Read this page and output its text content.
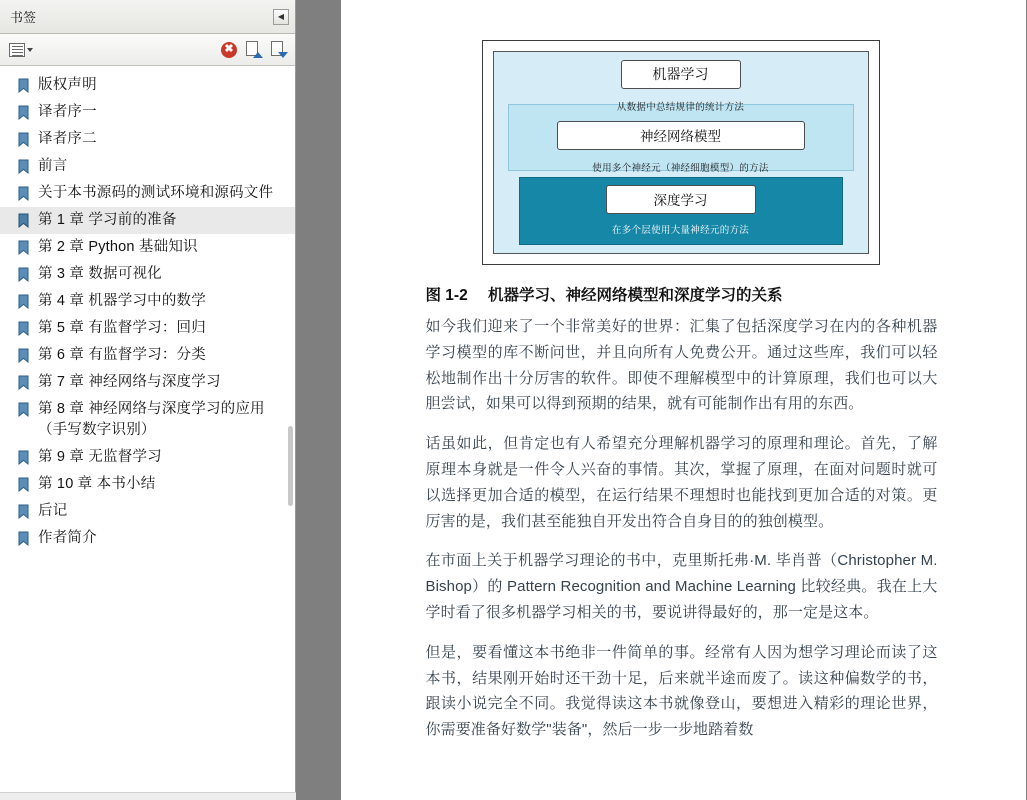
书签	◀
✖
版权声明
译者序一
译者序二
前言
关于本书源码的测试环境和源码文件
第 1 章 学习前的准备
第 2 章 Python 基础知识
第 3 章 数据可视化
第 4 章 机器学习中的数学
第 5 章 有监督学习：回归
第 6 章 有监督学习：分类
第 7 章 神经网络与深度学习
第 8 章 神经网络与深度学习的应用（手写数字识别）
第 9 章 无监督学习
第 10 章 本书小结
后记
作者简介
机器学习
从数据中总结规律的统计方法
神经网络模型
使用多个神经元（神经细胞模型）的方法
深度学习
在多个层使用大量神经元的方法
图 1-2 机器学习、神经网络模型和深度学习的关系

如今我们迎来了一个非常美好的世界：汇集了包括深度学习在内的各种机器学习模型的库不断问世，并且向所有人免费公开。通过这些库，我们可以轻松地制作出十分厉害的软件。即使不理解模型中的计算原理，我们也可以大胆尝试，如果可以得到预期的结果，就有可能制作出有用的东西。

话虽如此，但肯定也有人希望充分理解机器学习的原理和理论。首先，了解原理本身就是一件令人兴奋的事情。其次，掌握了原理，在面对问题时就可以选择更加合适的模型，在运行结果不理想时也能找到更加合适的对策。更厉害的是，我们甚至能独自开发出符合自身目的的独创模型。

在市面上关于机器学习理论的书中，克里斯托弗·M. 毕肖普（Christopher M. Bishop）的 Pattern Recognition and Machine Learning 比较经典。我在上大学时看了很多机器学习相关的书，要说讲得最好的，那一定是这本。

但是，要看懂这本书绝非一件简单的事。经常有人因为想学习理论而读了这本书，结果刚开始时还干劲十足，后来就半途而废了。读这种偏数学的书，跟读小说完全不同。我觉得读这本书就像登山，要想进入精彩的理论世界，你需要准备好数学"装备"，然后一步一步地踏着数
